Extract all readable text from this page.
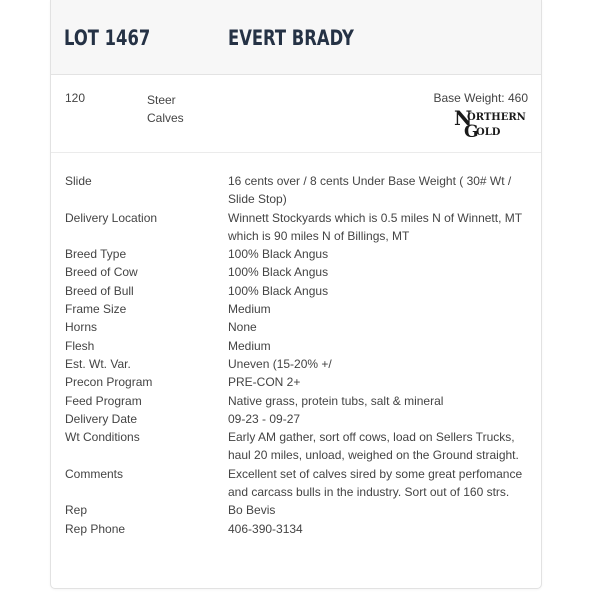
LOT 1467	EVERT BRADY
120	Steer Calves
Base Weight: 460
N
ORTHERN
G
OLD
Slide	16 cents over / 8 cents Under Base Weight ( 30# Wt / Slide Stop)
Delivery Location	Winnett Stockyards which is 0.5 miles N of Winnett, MT which is 90 miles N of Billings, MT
Breed Type	100% Black Angus
Breed of Cow	100% Black Angus
Breed of Bull	100% Black Angus
Frame Size	Medium
Horns	None
Flesh	Medium
Est. Wt. Var.	Uneven (15-20% +/
Precon Program	PRE-CON 2+
Feed Program	Native grass, protein tubs, salt & mineral
Delivery Date	09-23 - 09-27
Wt Conditions	Early AM gather, sort off cows, load on Sellers Trucks, haul 20 miles, unload, weighed on the Ground straight.
Comments	Excellent set of calves sired by some great perfomance and carcass bulls in the industry. Sort out of 160 strs.
Rep	Bo Bevis
Rep Phone	406-390-3134
